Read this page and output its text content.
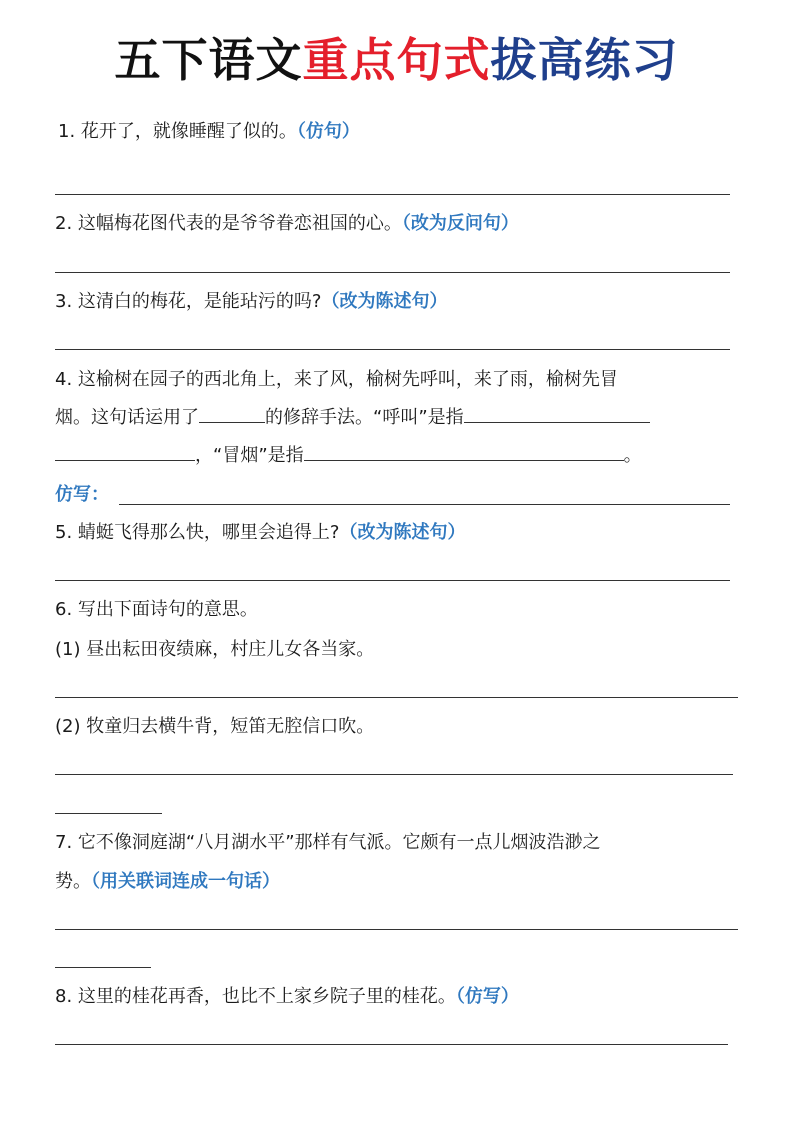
五下语文重点句式拔高练习
1. 花开了，就像睡醒了似的。（仿句）
2. 这幅梅花图代表的是爷爷眷恋祖国的心。（改为反问句）
3. 这清白的梅花，是能玷污的吗?（改为陈述句）
4. 这榆树在园子的西北角上，来了风，榆树先呼叫，来了雨，榆树先冒
烟。这句话运用了	的修辞手法。“呼叫”是指
，“冒烟”是指	。
仿写：
5. 蜻蜓飞得那么快，哪里会追得上?（改为陈述句）
6. 写出下面诗句的意思。
(1) 昼出耘田夜绩麻，村庄儿女各当家。
(2) 牧童归去横牛背，短笛无腔信口吹。
7. 它不像洞庭湖“八月湖水平”那样有气派。它颇有一点儿烟波浩渺之
势。（用关联词连成一句话）
8. 这里的桂花再香，也比不上家乡院子里的桂花。（仿写）
